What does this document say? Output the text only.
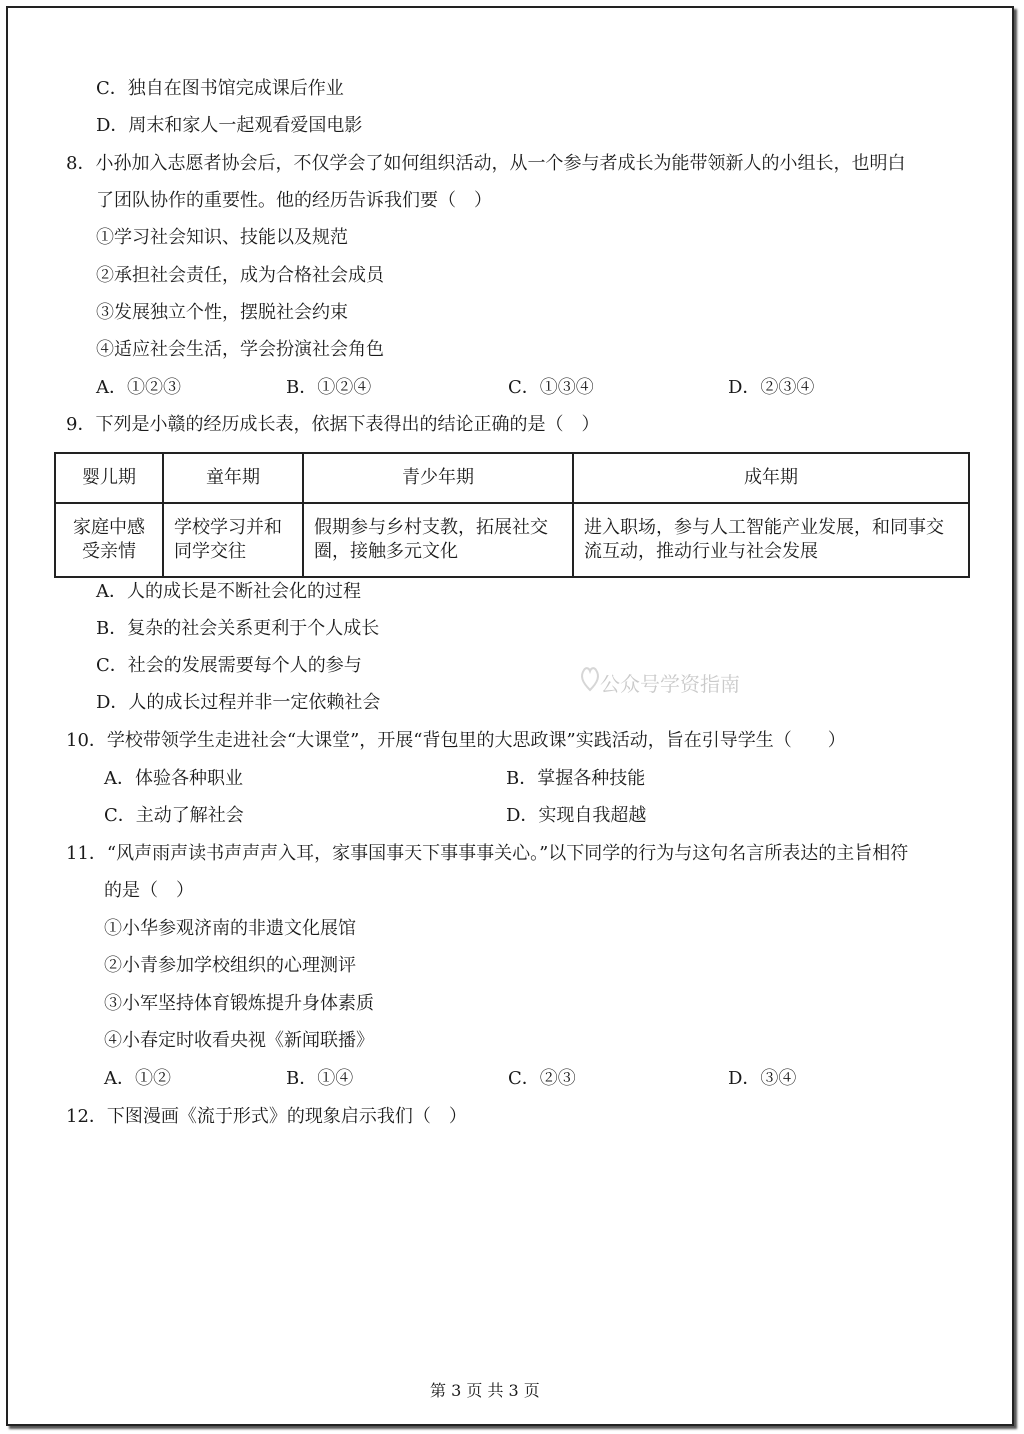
C．独自在图书馆完成课后作业
D．周末和家人一起观看爱国电影
8．小孙加入志愿者协会后，不仅学会了如何组织活动，从一个参与者成长为能带领新人的小组长，也明白
了团队协作的重要性。他的经历告诉我们要（　）
①学习社会知识、技能以及规范
②承担社会责任，成为合格社会成员
③发展独立个性，摆脱社会约束
④适应社会生活，学会扮演社会角色
A．①②③	B．①②④	C．①③④	D．②③④
9．下列是小赣的经历成长表，依据下表得出的结论正确的是（　）
婴儿期	童年期	青少年期	成年期
家庭中感受亲情	学校学习并和同学交往	假期参与乡村支教，拓展社交圈，接触多元文化	进入职场，参与人工智能产业发展，和同事交流互动，推动行业与社会发展
A．人的成长是不断社会化的过程
B．复杂的社会关系更利于个人成长
C．社会的发展需要每个人的参与
D．人的成长过程并非一定依赖社会
公众号学资指南
10．学校带领学生走进社会“大课堂”，开展“背包里的大思政课”实践活动，旨在引导学生（　　）
A．体验各种职业	B．掌握各种技能
C．主动了解社会	D．实现自我超越
11．“风声雨声读书声声声入耳，家事国事天下事事事关心。”以下同学的行为与这句名言所表达的主旨相符
的是（　）
①小华参观济南的非遗文化展馆
②小青参加学校组织的心理测评
③小军坚持体育锻炼提升身体素质
④小春定时收看央视《新闻联播》
A．①②	B．①④	C．②③	D．③④
12．下图漫画《流于形式》的现象启示我们（　）
第 3 页 共 3 页
